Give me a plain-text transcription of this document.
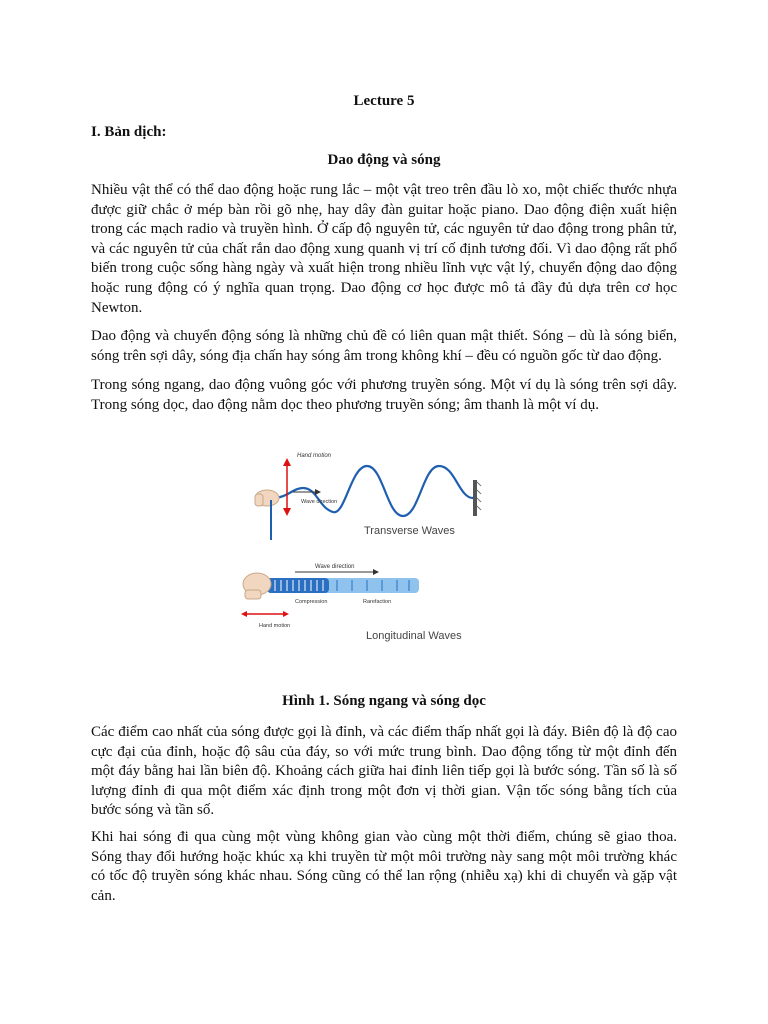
Lecture 5
I. Bản dịch:
Dao động và sóng

Nhiều vật thể có thể dao động hoặc rung lắc – một vật treo trên đầu lò xo, một chiếc thước nhựa được giữ chắc ở mép bàn rồi gõ nhẹ, hay dây đàn guitar hoặc piano. Dao động điện xuất hiện trong các mạch radio và truyền hình. Ở cấp độ nguyên tử, các nguyên tử dao động trong phân tử, và các nguyên tử của chất rắn dao động xung quanh vị trí cố định tương đối. Vì dao động rất phổ biến trong cuộc sống hàng ngày và xuất hiện trong nhiều lĩnh vực vật lý, chuyển động dao động hoặc rung động có ý nghĩa quan trọng. Dao động cơ học được mô tả đầy đủ dựa trên cơ học Newton.

Dao động và chuyển động sóng là những chủ đề có liên quan mật thiết. Sóng – dù là sóng biển, sóng trên sợi dây, sóng địa chấn hay sóng âm trong không khí – đều có nguồn gốc từ dao động.

Trong sóng ngang, dao động vuông góc với phương truyền sóng. Một ví dụ là sóng trên sợi dây. Trong sóng dọc, dao động nằm dọc theo phương truyền sóng; âm thanh là một ví dụ.

Hand motion
Wave direction
Transverse Waves
Wave direction
Compression	Rarefaction
Hand motion
Longitudinal Waves
Hình 1. Sóng ngang và sóng dọc

Các điểm cao nhất của sóng được gọi là đỉnh, và các điểm thấp nhất gọi là đáy. Biên độ là độ cao cực đại của đỉnh, hoặc độ sâu của đáy, so với mức trung bình. Dao động tổng từ một đỉnh đến một đáy bằng hai lần biên độ. Khoảng cách giữa hai đỉnh liên tiếp gọi là bước sóng. Tần số là số lượng đỉnh đi qua một điểm xác định trong một đơn vị thời gian. Vận tốc sóng bằng tích của bước sóng và tần số.

Khi hai sóng đi qua cùng một vùng không gian vào cùng một thời điểm, chúng sẽ giao thoa. Sóng thay đổi hướng hoặc khúc xạ khi truyền từ một môi trường này sang một môi trường khác có tốc độ truyền sóng khác nhau. Sóng cũng có thể lan rộng (nhiễu xạ) khi di chuyển và gặp vật cản.
